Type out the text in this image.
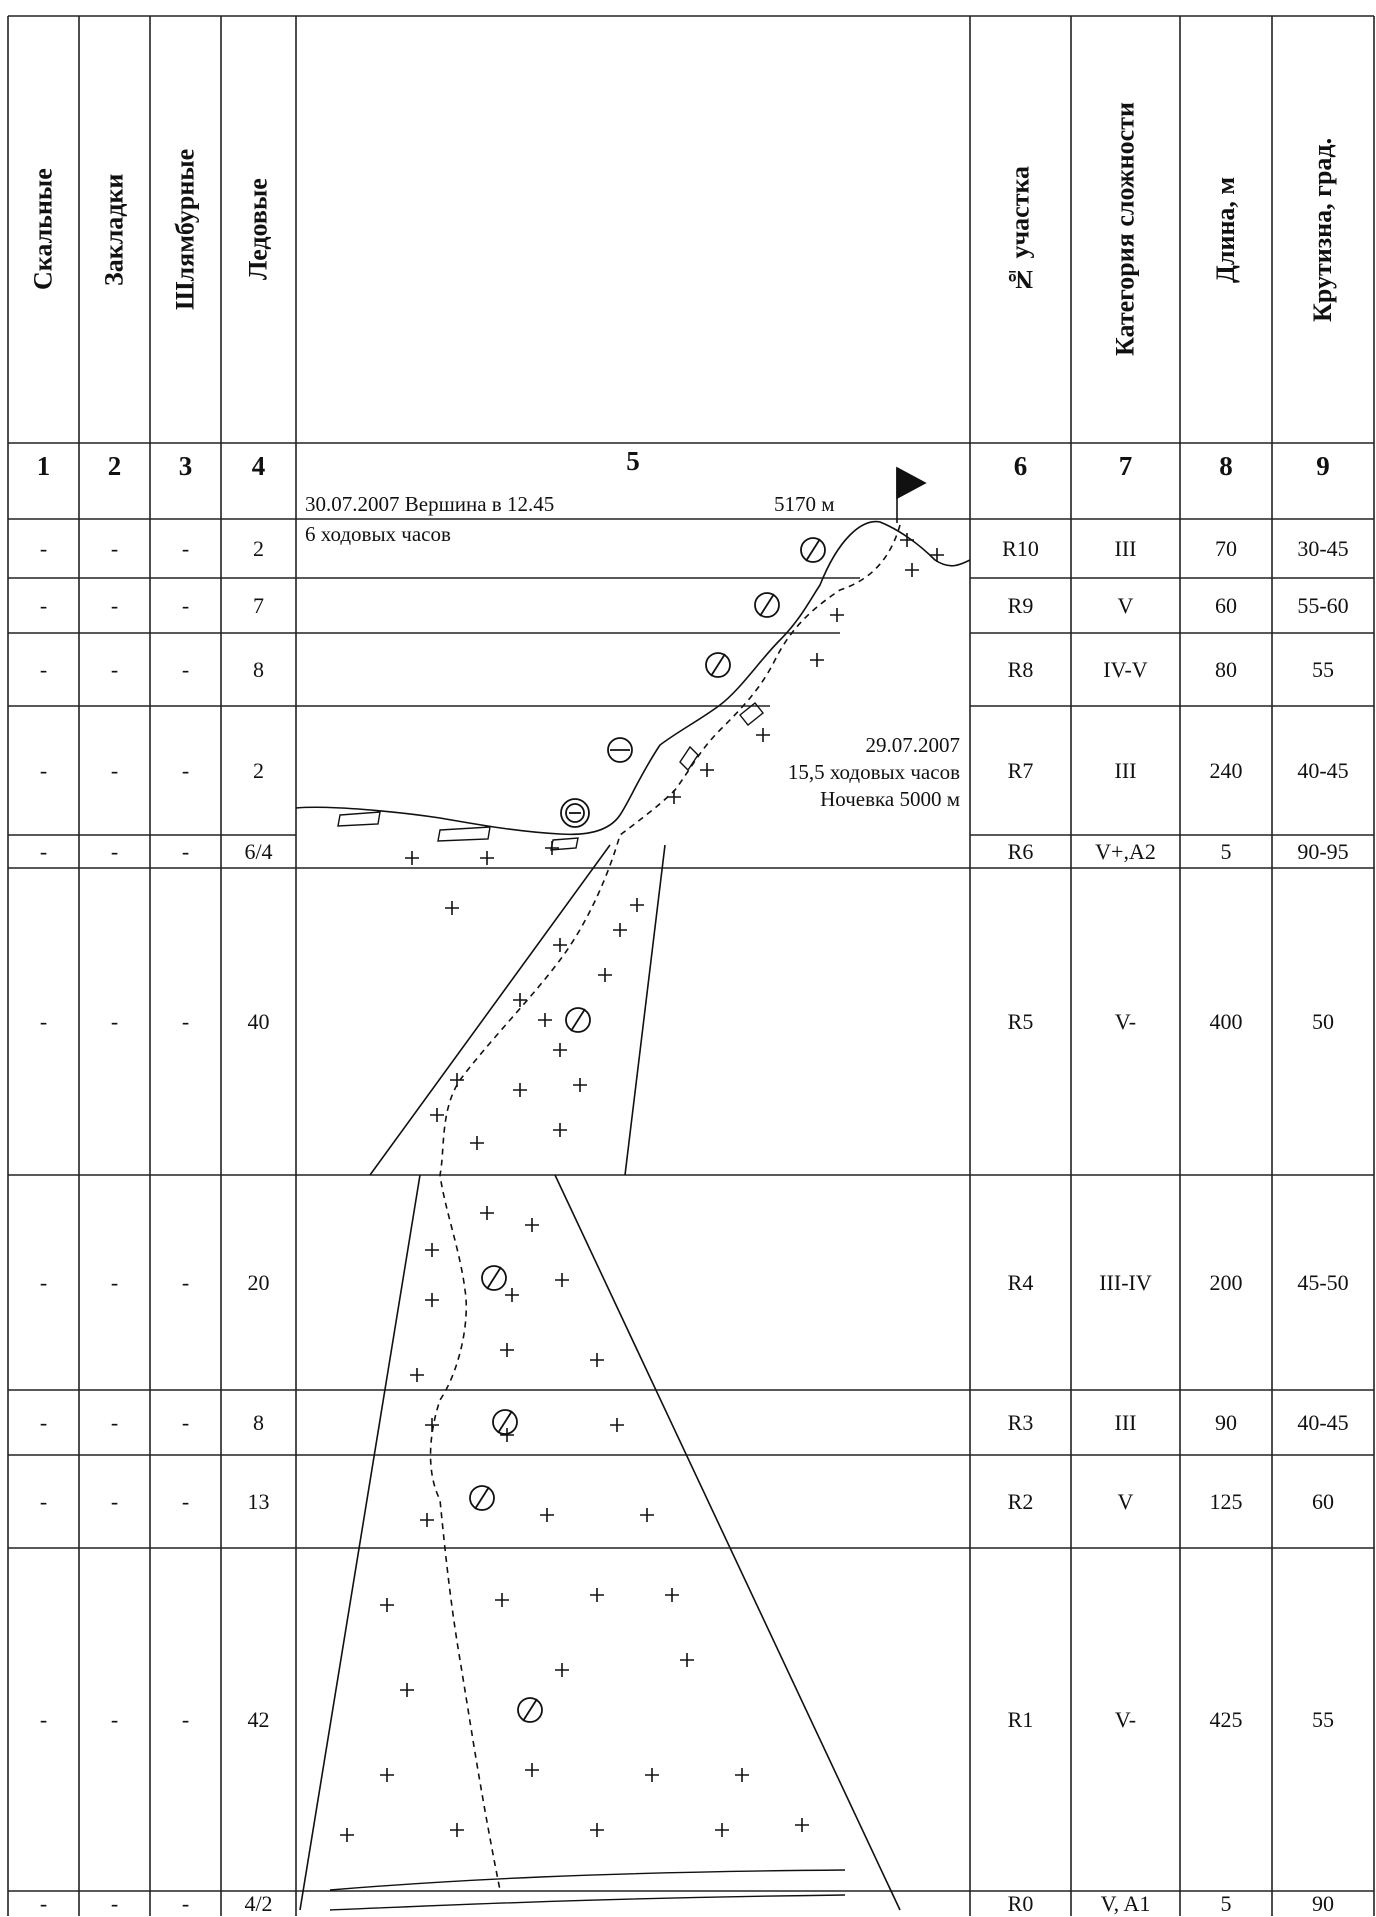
Скальные	Закладки	Шлямбурные	Ледовые	№ участка	Категория сложности	Длина, м	Крутизна, град.
1	2	3	4	5	6	7	8	9
30.07.2007 Вершина в 12.45	5170 м
6 ходовых часов
29.07.2007
15,5 ходовых часов
Ночевка 5000 м
-	-	-	2	R10	III	70	30-45
-	-	-	7	R9	V	60	55-60
-	-	-	8	R8	IV-V	80	55
-	-	-	2	R7	III	240	40-45
-	-	-	6/4	R6	V+,A2	5	90-95
-	-	-	40	R5	V-	400	50
-	-	-	20	R4	III-IV	200	45-50
-	-	-	8	R3	III	90	40-45
-	-	-	13	R2	V	125	60
-	-	-	42	R1	V-	425	55
-	-	-	4/2	R0	V, A1	5	90
